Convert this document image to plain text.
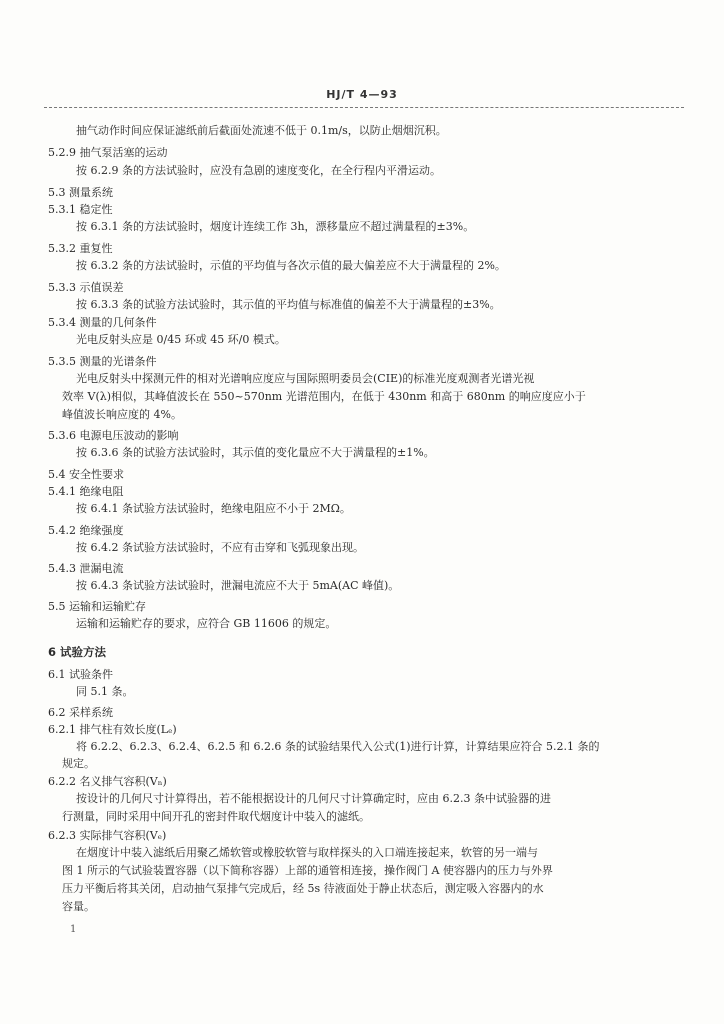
HJ/T 4—93
抽气动作时间应保证滤纸前后截面处流速不低于 0.1m/s，以防止烟烟沉积。
5.2.9 抽气泵活塞的运动
按 6.2.9 条的方法试验时，应没有急剧的速度变化，在全行程内平滑运动。
5.3 测量系统
5.3.1 稳定性
按 6.3.1 条的方法试验时，烟度计连续工作 3h，漂移量应不超过满量程的±3%。
5.3.2 重复性
按 6.3.2 条的方法试验时，示值的平均值与各次示值的最大偏差应不大于满量程的 2%。
5.3.3 示值误差
按 6.3.3 条的试验方法试验时，其示值的平均值与标准值的偏差不大于满量程的±3%。
5.3.4 测量的几何条件
光电反射头应是 0/45 环或 45 环/0 模式。
5.3.5 测量的光谱条件
光电反射头中探测元件的相对光谱响应度应与国际照明委员会(CIE)的标准光度观测者光谱光视
效率 V(λ)相似，其峰值波长在 550~570nm 光谱范围内，在低于 430nm 和高于 680nm 的响应度应小于
峰值波长响应度的 4%。
5.3.6 电源电压波动的影响
按 6.3.6 条的试验方法试验时，其示值的变化量应不大于满量程的±1%。
5.4 安全性要求
5.4.1 绝缘电阻
按 6.4.1 条试验方法试验时，绝缘电阻应不小于 2MΩ。
5.4.2 绝缘强度
按 6.4.2 条试验方法试验时，不应有击穿和飞弧现象出现。
5.4.3 泄漏电流
按 6.4.3 条试验方法试验时，泄漏电流应不大于 5mA(AC 峰值)。
5.5 运输和运输贮存
运输和运输贮存的要求，应符合 GB 11606 的规定。
6 试验方法
6.1 试验条件
同 5.1 条。
6.2 采样系统
6.2.1 排气柱有效长度(Lₑ)
将 6.2.2、6.2.3、6.2.4、6.2.5 和 6.2.6 条的试验结果代入公式(1)进行计算，计算结果应符合 5.2.1 条的
规定。
6.2.2 名义排气容积(Vₙ)
按设计的几何尺寸计算得出，若不能根据设计的几何尺寸计算确定时，应由 6.2.3 条中试验器的进
行测量，同时采用中间开孔的密封件取代烟度计中装入的滤纸。
6.2.3 实际排气容积(Vₑ)
在烟度计中装入滤纸后用聚乙烯软管或橡胶软管与取样探头的入口端连接起来，软管的另一端与
图 1 所示的气试验装置容器（以下简称容器）上部的通管相连接，操作阀门 A 使容器内的压力与外界
压力平衡后将其关闭，启动抽气泵排气完成后，经 5s 待液面处于静止状态后，测定吸入容器内的水
容量。
1
